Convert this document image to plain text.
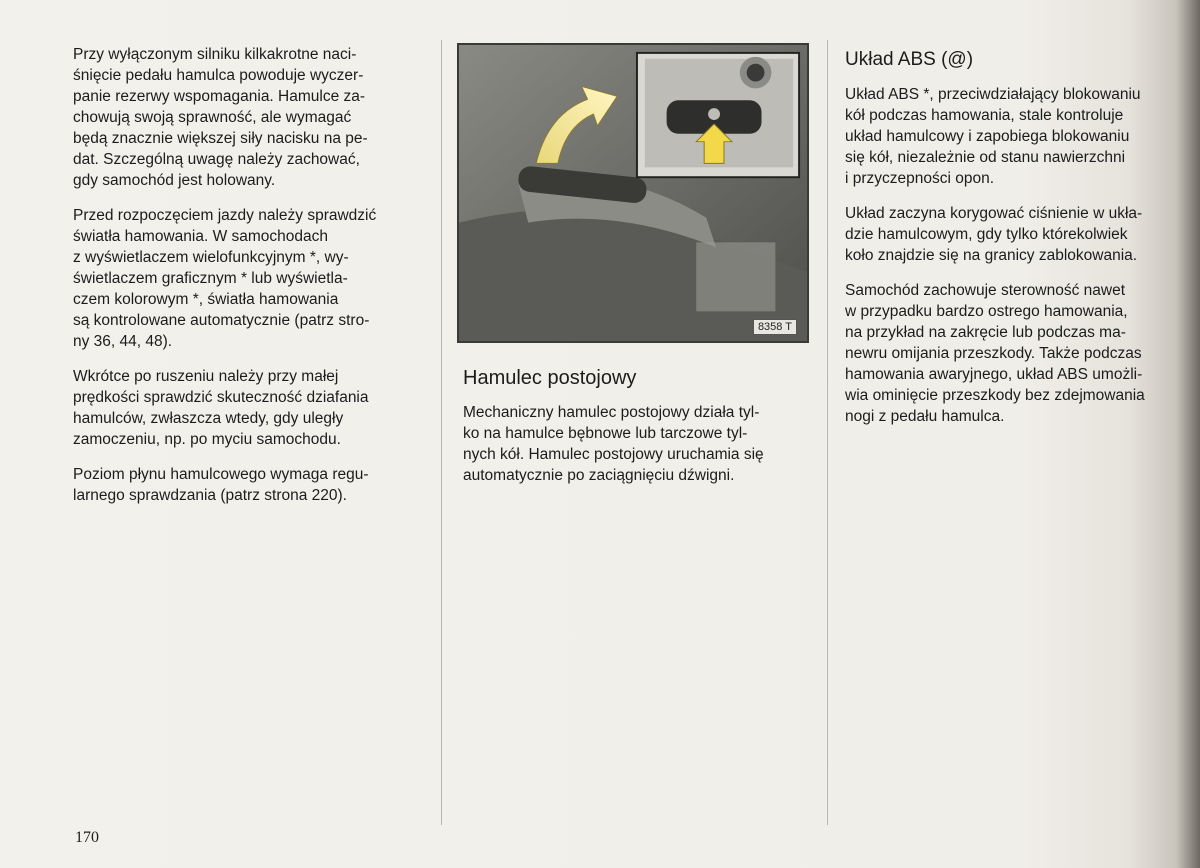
Przy wyłączonym silniku kilkakrotne naci-
śnięcie pedału hamulca powoduje wyczer-
panie rezerwy wspomagania. Hamulce za-
chowują swoją sprawność, ale wymagać
będą znacznie większej siły nacisku na pe-
dat. Szczególną uwagę należy zachować,
gdy samochód jest holowany.

Przed rozpoczęciem jazdy należy sprawdzić
światła hamowania. W samochodach
z wyświetlaczem wielofunkcyjnym *, wy-
świetlaczem graficznym * lub wyświetla-
czem kolorowym *, światła hamowania
są kontrolowane automatycznie (patrz stro-
ny 36, 44, 48).

Wkrótce po ruszeniu należy przy małej
prędkości sprawdzić skuteczność dziafania
hamulców, zwłaszcza wtedy, gdy uległy
zamoczeniu, np. po myciu samochodu.

Poziom płynu hamulcowego wymaga regu-
larnego sprawdzania (patrz strona 220).

8358 T
Hamulec postojowy

Mechaniczny hamulec postojowy działa tyl-
ko na hamulce bębnowe lub tarczowe tyl-
nych kół. Hamulec postojowy uruchamia się
automatycznie po zaciągnięciu dźwigni.

Układ ABS (@)

Układ ABS *, przeciwdziałający blokowaniu
kół podczas hamowania, stale kontroluje
układ hamulcowy i zapobiega blokowaniu
się kół, niezależnie od stanu nawierzchni
i przyczepności opon.

Układ zaczyna korygować ciśnienie w ukła-
dzie hamulcowym, gdy tylko którekolwiek
koło znajdzie się na granicy zablokowania.

Samochód zachowuje sterowność nawet
w przypadku bardzo ostrego hamowania,
na przykład na zakręcie lub podczas ma-
newru omijania przeszkody. Także podczas
hamowania awaryjnego, układ ABS umożli-
wia ominięcie przeszkody bez zdejmowania
nogi z pedału hamulca.

170
